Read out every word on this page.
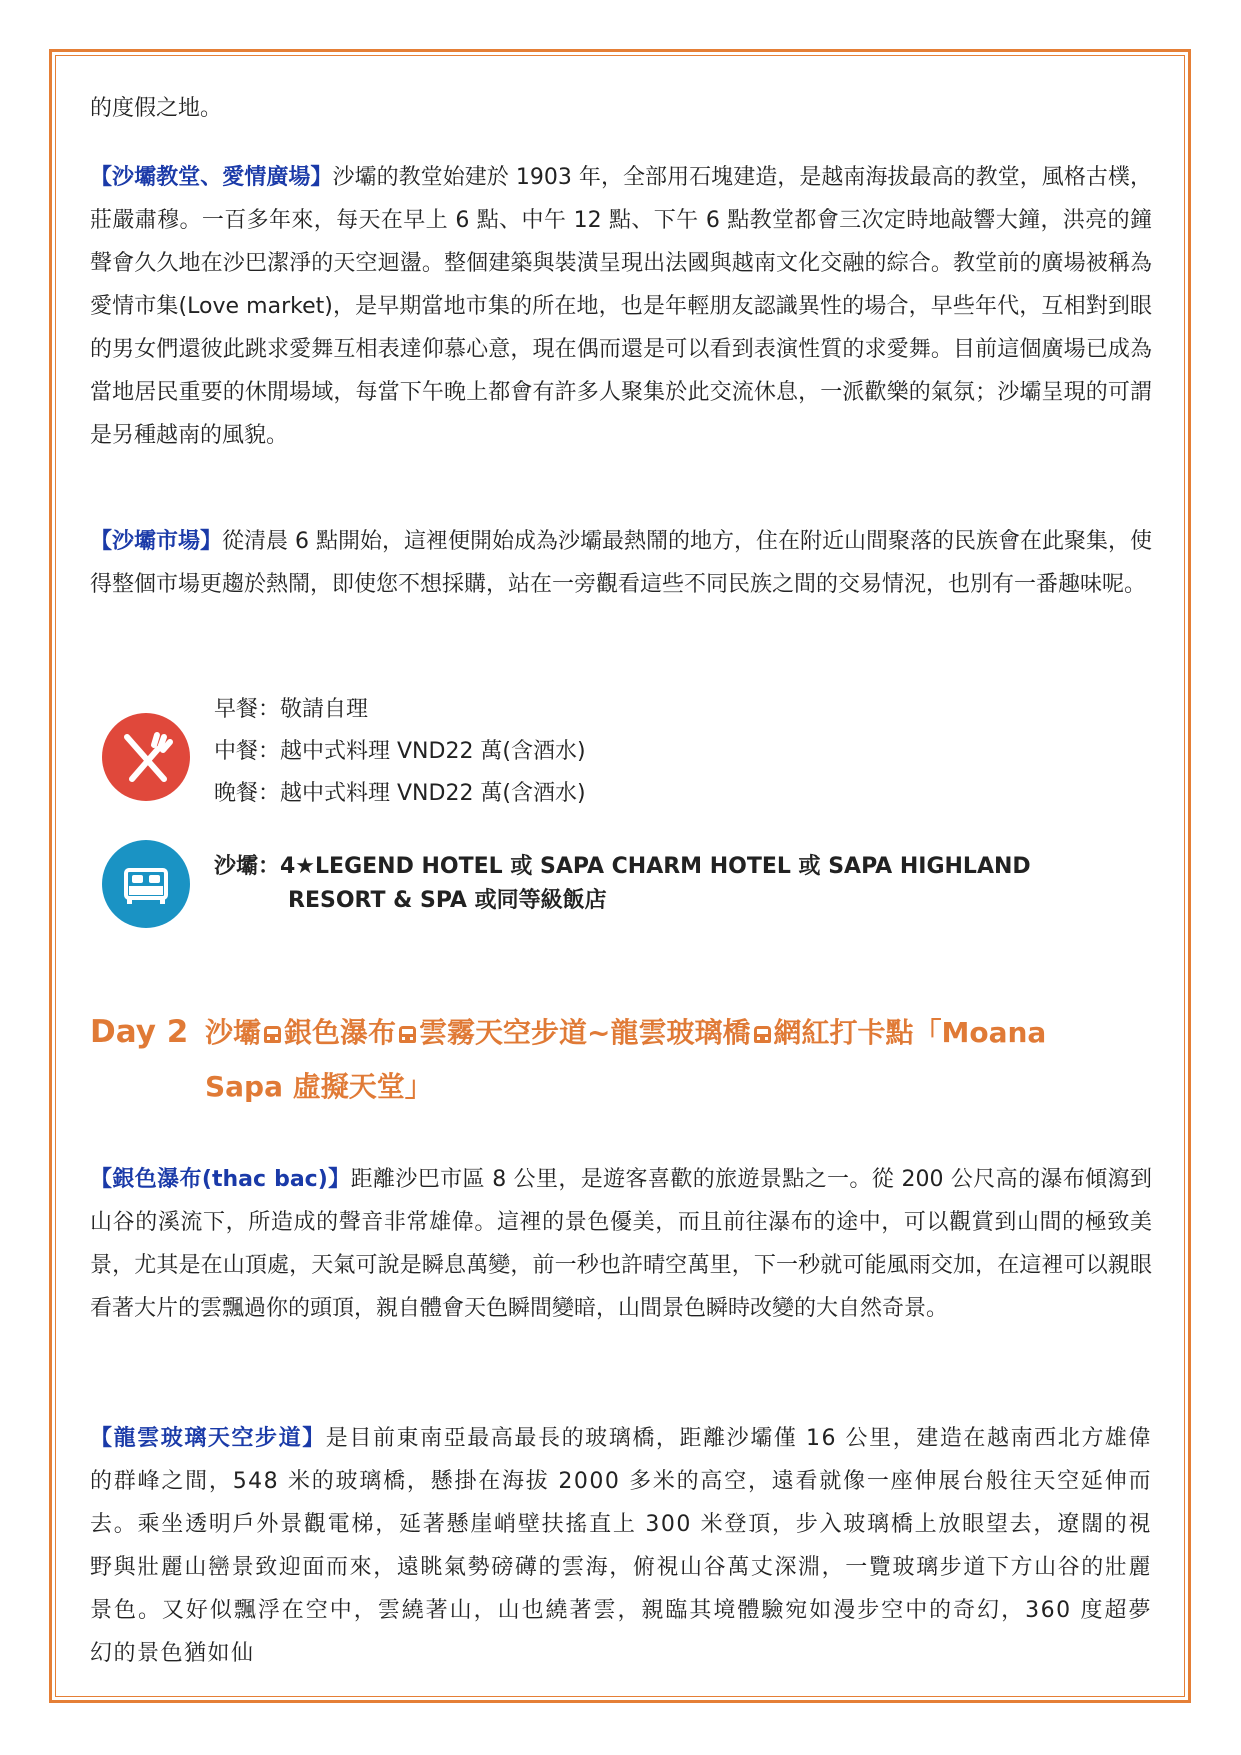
的度假之地。

【沙壩教堂、愛情廣場】沙壩的教堂始建於 1903 年，全部用石塊建造，是越南海拔最高的教堂，風格古樸，莊嚴肅穆。一百多年來，每天在早上 6 點、中午 12 點、下午 6 點教堂都會三次定時地敲響大鐘，洪亮的鐘聲會久久地在沙巴潔淨的天空迴盪。整個建築與裝潢呈現出法國與越南文化交融的綜合。教堂前的廣場被稱為愛情市集(Love market)，是早期當地市集的所在地，也是年輕朋友認識異性的場合，早些年代，互相對到眼的男女們還彼此跳求愛舞互相表達仰慕心意，現在偶而還是可以看到表演性質的求愛舞。目前這個廣場已成為當地居民重要的休閒場域，每當下午晚上都會有許多人聚集於此交流休息，一派歡樂的氣氛；沙壩呈現的可謂是另種越南的風貌。

【沙壩市場】從清晨 6 點開始，這裡便開始成為沙壩最熱鬧的地方，住在附近山間聚落的民族會在此聚集，使得整個市場更趨於熱鬧，即使您不想採購，站在一旁觀看這些不同民族之間的交易情況，也別有一番趣味呢。

早餐：敬請自理
中餐：越中式料理 VND22 萬(含酒水)
晚餐：越中式料理 VND22 萬(含酒水)
沙壩：4★LEGEND HOTEL 或 SAPA CHARM HOTEL 或 SAPA HIGHLAND
RESORT & SPA 或同等級飯店
Day 2 沙壩 銀色瀑布 雲霧天空步道~龍雲玻璃橋 網紅打卡點「Moana
Sapa 虛擬天堂」

【銀色瀑布(thac bac)】距離沙巴市區 8 公里，是遊客喜歡的旅遊景點之一。從 200 公尺高的瀑布傾瀉到山谷的溪流下，所造成的聲音非常雄偉。這裡的景色優美，而且前往瀑布的途中，可以觀賞到山間的極致美景，尤其是在山頂處，天氣可說是瞬息萬變，前一秒也許晴空萬里，下一秒就可能風雨交加，在這裡可以親眼看著大片的雲飄過你的頭頂，親自體會天色瞬間變暗，山間景色瞬時改變的大自然奇景。

【龍雲玻璃天空步道】是目前東南亞最高最長的玻璃橋，距離沙壩僅 16 公里，建造在越南西北方雄偉的群峰之間，548 米的玻璃橋，懸掛在海拔 2000 多米的高空，遠看就像一座伸展台般往天空延伸而去。乘坐透明戶外景觀電梯，延著懸崖峭壁扶搖直上 300 米登頂，步入玻璃橋上放眼望去，遼闊的視野與壯麗山巒景致迎面而來，遠眺氣勢磅礡的雲海，俯視山谷萬丈深淵，一覽玻璃步道下方山谷的壯麗景色。又好似飄浮在空中，雲繞著山，山也繞著雲，親臨其境體驗宛如漫步空中的奇幻，360 度超夢幻的景色猶如仙
